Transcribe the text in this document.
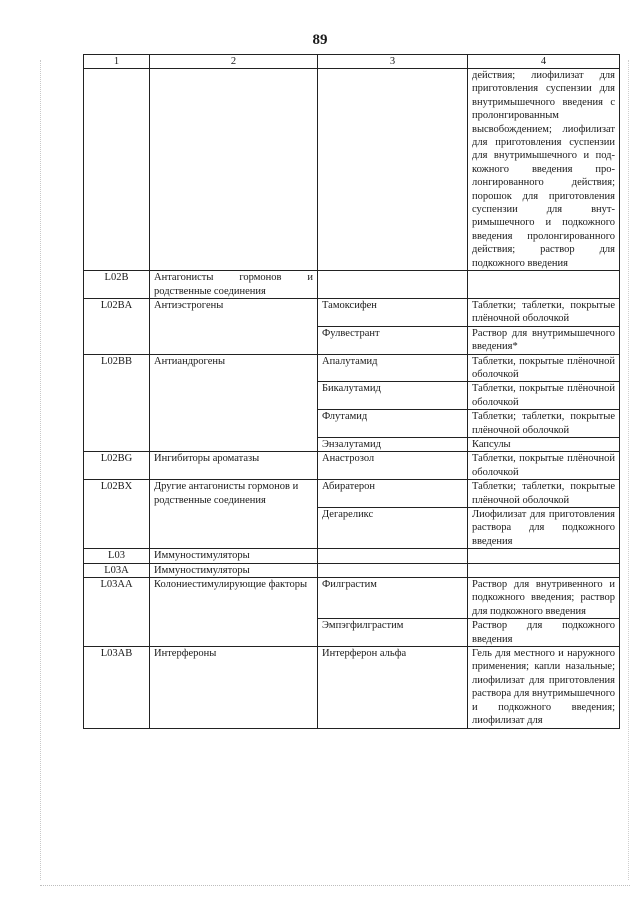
89
1	2	3	4
			действия; лиофилизат для приготовления суспензии для внутримышечного введения с пролонгированным высвобождением; лиофилизат для приготовления суспензии для внутримышечного и подкожного введения пролонгированного действия; порошок для приготовления суспензии для внутримышечного и подкожного введения пролонгированного действия; раствор для подкожного введения
L02B	Антагонисты гормонов и родственные соединения		
L02BA	Антиэстрогены	Тамоксифен	Таблетки; таблетки, покрытые плёночной оболочкой
		Фулвестрант	Раствор для внутримышечного введения*
L02BB	Антиандрогены	Апалутамид	Таблетки, покрытые плёночной оболочкой
		Бикалутамид	Таблетки, покрытые плёночной оболочкой
		Флутамид	Таблетки; таблетки, покрытые плёночной оболочкой
		Энзалутамид	Капсулы
L02BG	Ингибиторы ароматазы	Анастрозол	Таблетки, покрытые плёночной оболочкой
L02BX	Другие антагонисты гормонов и родственные соединения	Абиратерон	Таблетки; таблетки, покрытые плёночной оболочкой
		Дегареликс	Лиофилизат для приготовления раствора для подкожного введения
L03	Иммуностимуляторы		
L03A	Иммуностимуляторы		
L03AA	Колониестимулирующие факторы	Филграстим	Раствор для внутривенного и подкожного введения; раствор для подкожного введения
		Эмпэгфилграстим	Раствор для подкожного введения
L03AB	Интерфероны	Интерферон альфа	Гель для местного и наружного применения; капли назальные; лиофилизат для приготовления раствора для внутримышечного и подкожного введения; лиофилизат для
